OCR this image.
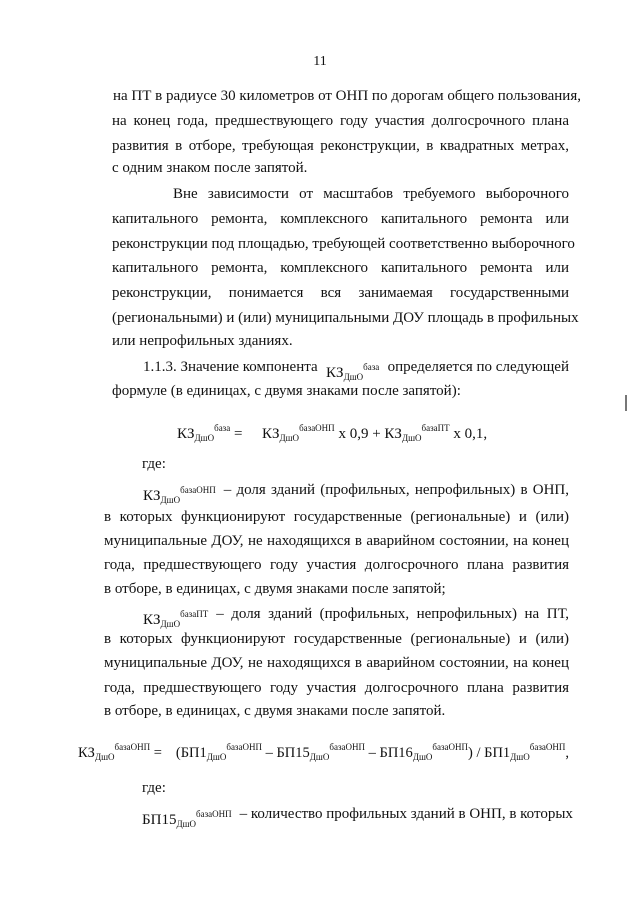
11
на ПТ в радиусе 30 километров от ОНП по дорогам общего пользования,
на конец года, предшествующего году участия долгосрочного плана
развития в отборе, требующая реконструкции, в квадратных метрах,
с одним знаком после запятой.
Вне зависимости от масштабов требуемого выборочного
капитального ремонта, комплексного капитального ремонта или
реконструкции под площадью, требующей соответственно выборочного
капитального ремонта, комплексного капитального ремонта или
реконструкции, понимается вся занимаемая государственными
(региональными) и (или) муниципальными ДОУ площадь в профильных
или непрофильных зданиях.
1.1.3. Значение компонента $КЗ_{ДшО}^{база}$ определяется по следующей
формуле (в единицах, с двумя знаками после запятой):
$КЗ_{ДшО}^{база} = КЗ_{ДшО}^{базаОНП}$ x $0,9 + КЗ_{ДшО}^{базаПТ}$ x 0,1,
где:
$КЗ_{ДшО}^{базаОНП}$ – доля зданий (профильных, непрофильных) в ОНП,
в которых функционируют государственные (региональные) и (или)
муниципальные ДОУ, не находящихся в аварийном состоянии, на конец
года, предшествующего году участия долгосрочного плана развития
в отборе, в единицах, с двумя знаками после запятой;
$КЗ_{ДшО}^{базаПТ}$ – доля зданий (профильных, непрофильных) на ПТ,
в которых функционируют государственные (региональные) и (или)
муниципальные ДОУ, не находящихся в аварийном состоянии, на конец
года, предшествующего году участия долгосрочного плана развития
в отборе, в единицах, с двумя знаками после запятой.
$КЗ_{ДшО}^{базаОНП} = (БП1_{ДшО}^{базаОНП} - БП15_{ДшО}^{базаОНП} - БП16_{ДшО}^{базаОНП}) / БП1_{ДшО}^{базаОНП}$,
где:
$БП15_{ДшО}^{базаОНП}$ – количество профильных зданий в ОНП, в которых
